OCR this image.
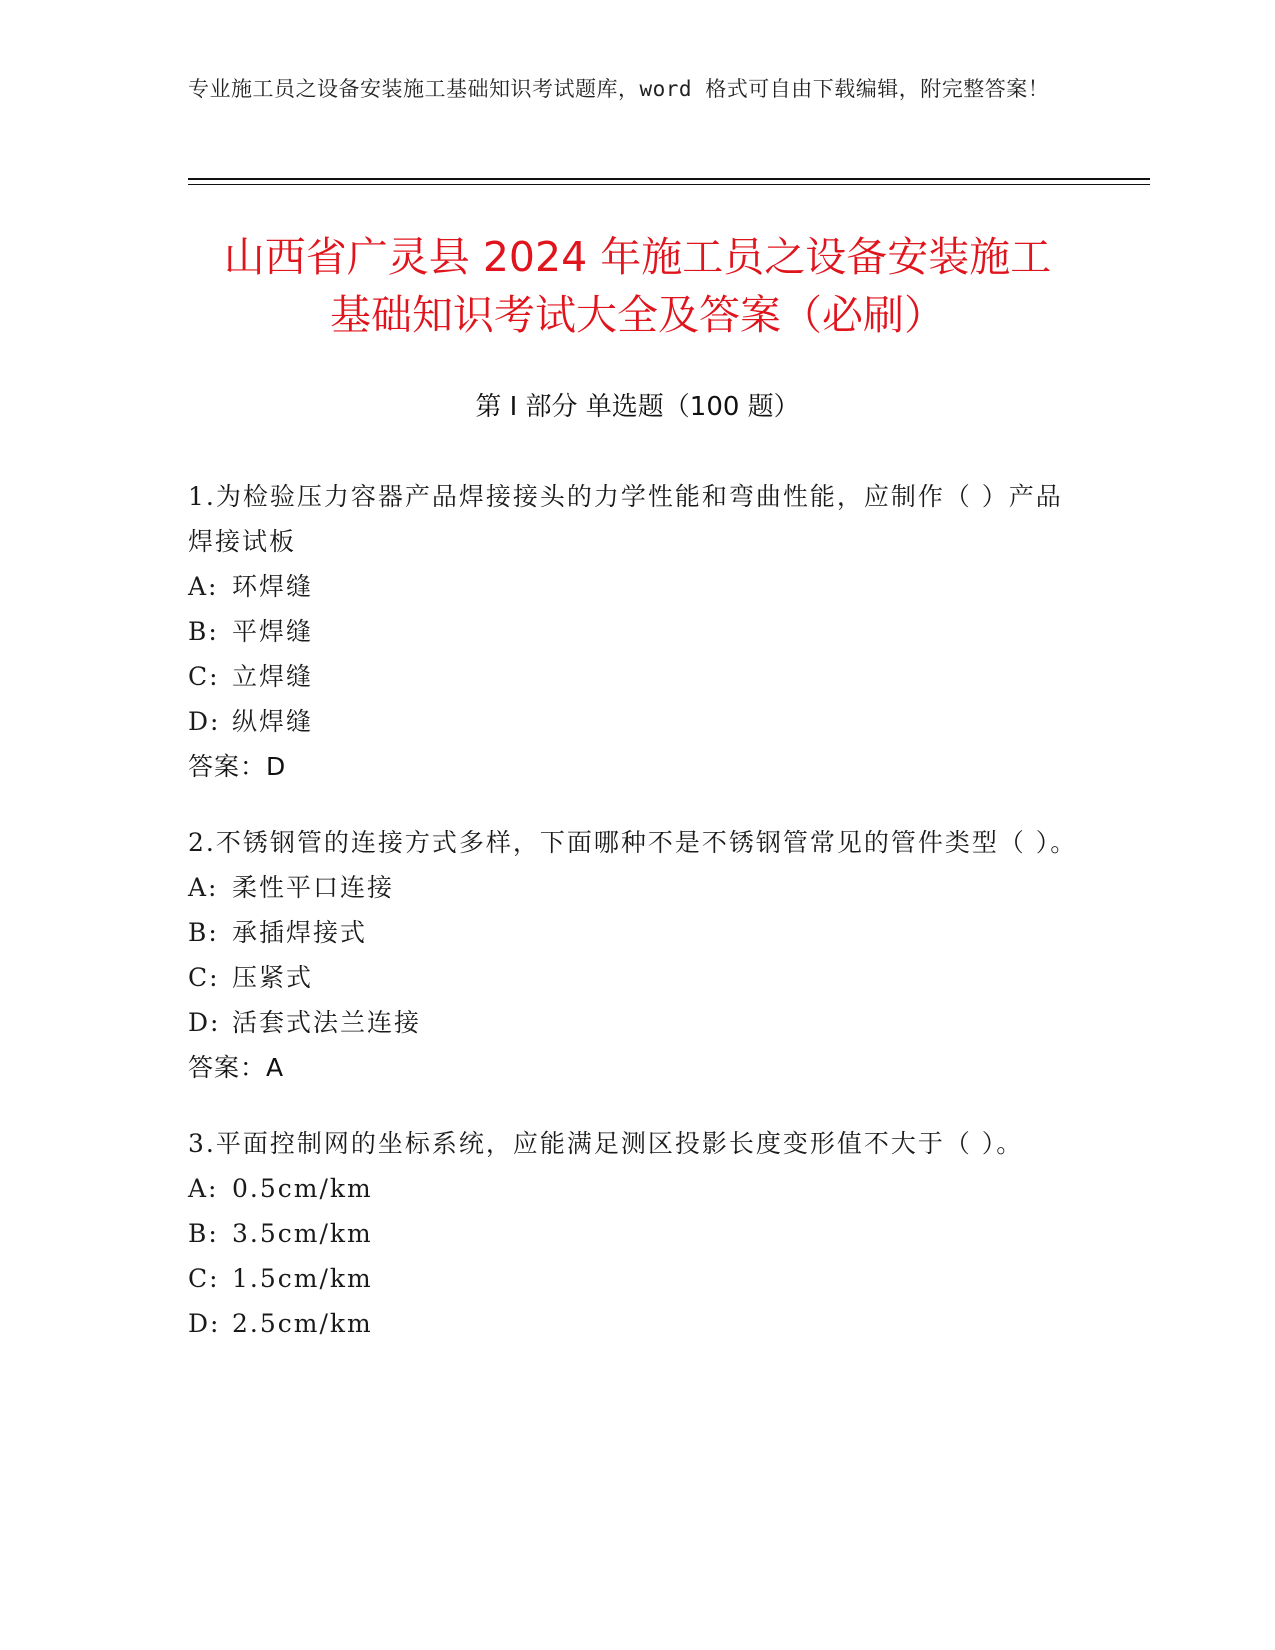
专业施工员之设备安装施工基础知识考试题库，word 格式可自由下载编辑，附完整答案！
山西省广灵县 2024 年施工员之设备安装施工
基础知识考试大全及答案（必刷）
第 I 部分 单选题（100 题）
1.为检验压力容器产品焊接接头的力学性能和弯曲性能，应制作（ ）产品焊接试板
A: 环焊缝
B: 平焊缝
C: 立焊缝
D: 纵焊缝
答案：D
2.不锈钢管的连接方式多样，下面哪种不是不锈钢管常见的管件类型（ ）。
A: 柔性平口连接
B: 承插焊接式
C: 压紧式
D: 活套式法兰连接
答案：A
3.平面控制网的坐标系统，应能满足测区投影长度变形值不大于（ ）。
A: 0.5cm/km
B: 3.5cm/km
C: 1.5cm/km
D: 2.5cm/km
